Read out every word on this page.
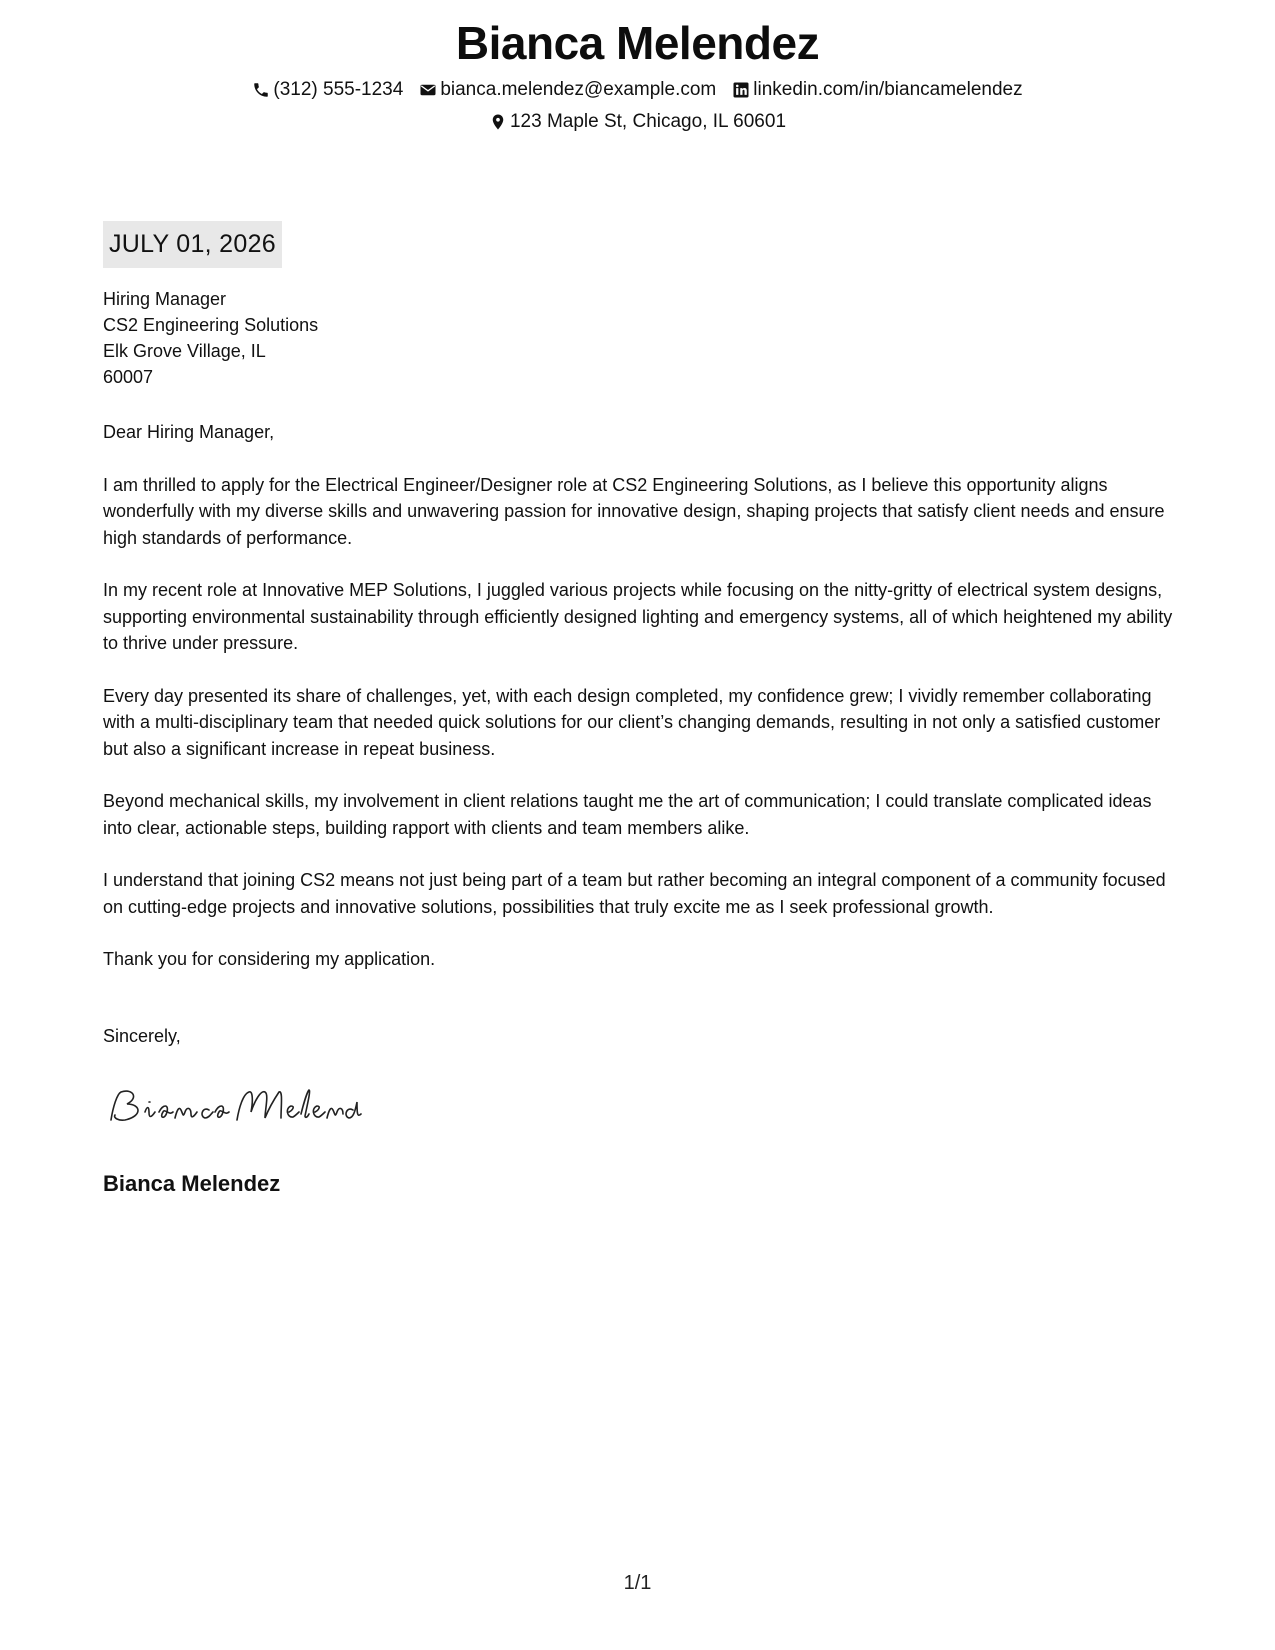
Bianca Melendez
(312) 555-1234 bianca.melendez@example.com linkedin.com/in/biancamelendez
123 Maple St, Chicago, IL 60601
JULY 01, 2026
Hiring Manager
CS2 Engineering Solutions
Elk Grove Village, IL
60007

Dear Hiring Manager,

I am thrilled to apply for the Electrical Engineer/Designer role at CS2 Engineering Solutions, as I believe this opportunity aligns wonderfully with my diverse skills and unwavering passion for innovative design, shaping projects that satisfy client needs and ensure high standards of performance.

In my recent role at Innovative MEP Solutions, I juggled various projects while focusing on the nitty-gritty of electrical system designs, supporting environmental sustainability through efficiently designed lighting and emergency systems, all of which heightened my ability to thrive under pressure.

Every day presented its share of challenges, yet, with each design completed, my confidence grew; I vividly remember collaborating with a multi-disciplinary team that needed quick solutions for our client’s changing demands, resulting in not only a satisfied customer but also a significant increase in repeat business.

Beyond mechanical skills, my involvement in client relations taught me the art of communication; I could translate complicated ideas into clear, actionable steps, building rapport with clients and team members alike.

I understand that joining CS2 means not just being part of a team but rather becoming an integral component of a community focused on cutting-edge projects and innovative solutions, possibilities that truly excite me as I seek professional growth.

Thank you for considering my application.

Sincerely,
Bianca Melendez
1/1
